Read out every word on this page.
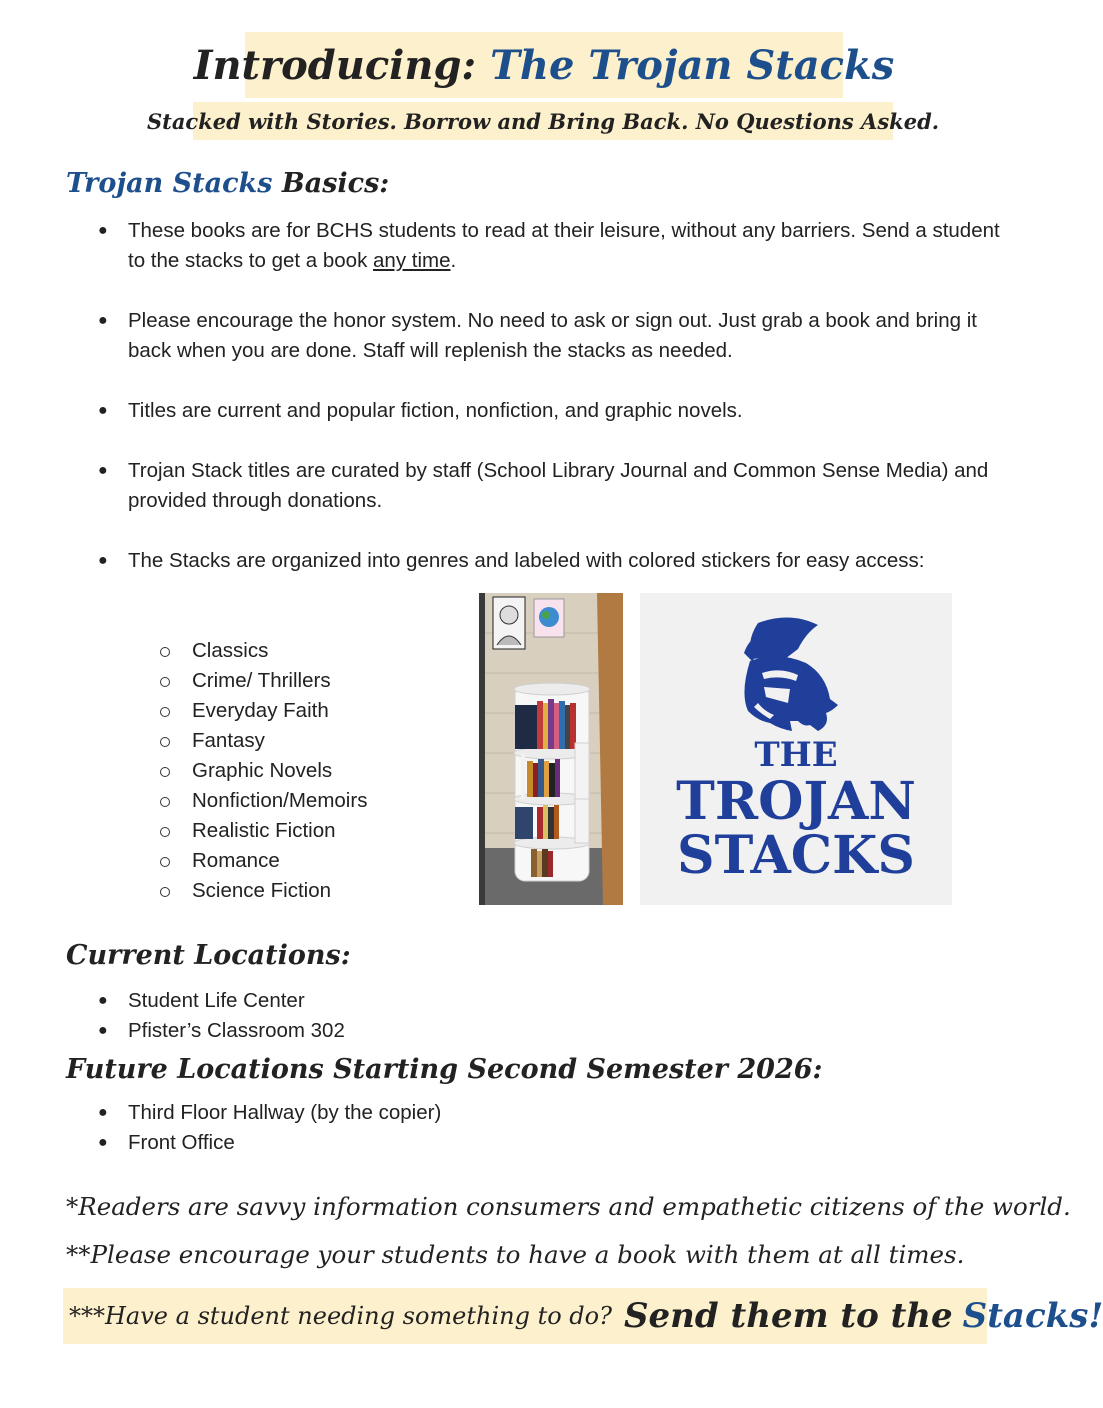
Introducing:
The Trojan Stacks
Stacked with Stories. Borrow and Bring Back. No Questions Asked.
Trojan Stacks Basics:
● These books are for BCHS students to read at their leisure, without any barriers. Send a student to the stacks to get a book any time.
● Please encourage the honor system. No need to ask or sign out. Just grab a book and bring it back when you are done. Staff will replenish the stacks as needed.
● Titles are current and popular fiction, nonfiction, and graphic novels.
● Trojan Stack titles are curated by staff (School Library Journal and Common Sense Media) and provided through donations.
● The Stacks are organized into genres and labeled with colored stickers for easy access:
Classics
Crime/ Thrillers
Everyday Faith
Fantasy
Graphic Novels
Nonfiction/Memoirs
Realistic Fiction
Romance
Science Fiction
THE
TROJAN
STACKS
Current Locations:
● Student Life Center
● Pfister’s Classroom 302
Future Locations Starting Second Semester 2026:
● Third Floor Hallway (by the copier)
● Front Office
*Readers are savvy information consumers and empathetic citizens of the world.
**Please encourage your students to have a book with them at all times.
***Have a student needing something to do? Send them to the Stacks!
